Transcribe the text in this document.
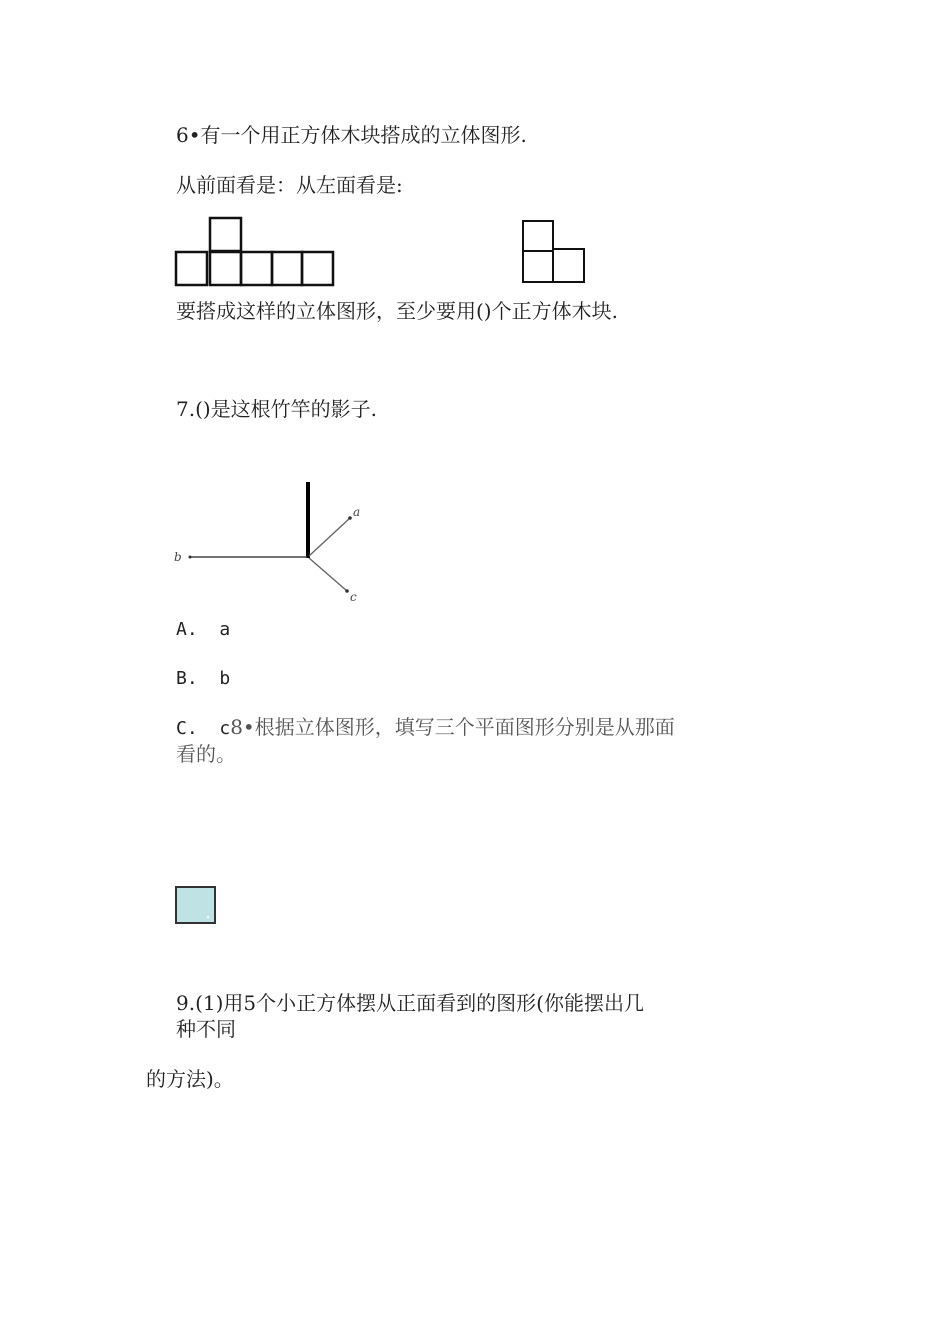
6•有一个用正方体木块搭成的立体图形.
从前面看是：从左面看是:
要搭成这样的立体图形，至少要用()个正方体木块.
7.()是这根竹竿的影子.
a
b
c
A.  a
B.  b
C.  c8•根据立体图形，填写三个平面图形分别是从那面
看的。
9.(1)用5个小正方体摆从正面看到的图形(你能摆出几
种不同
的方法)。
